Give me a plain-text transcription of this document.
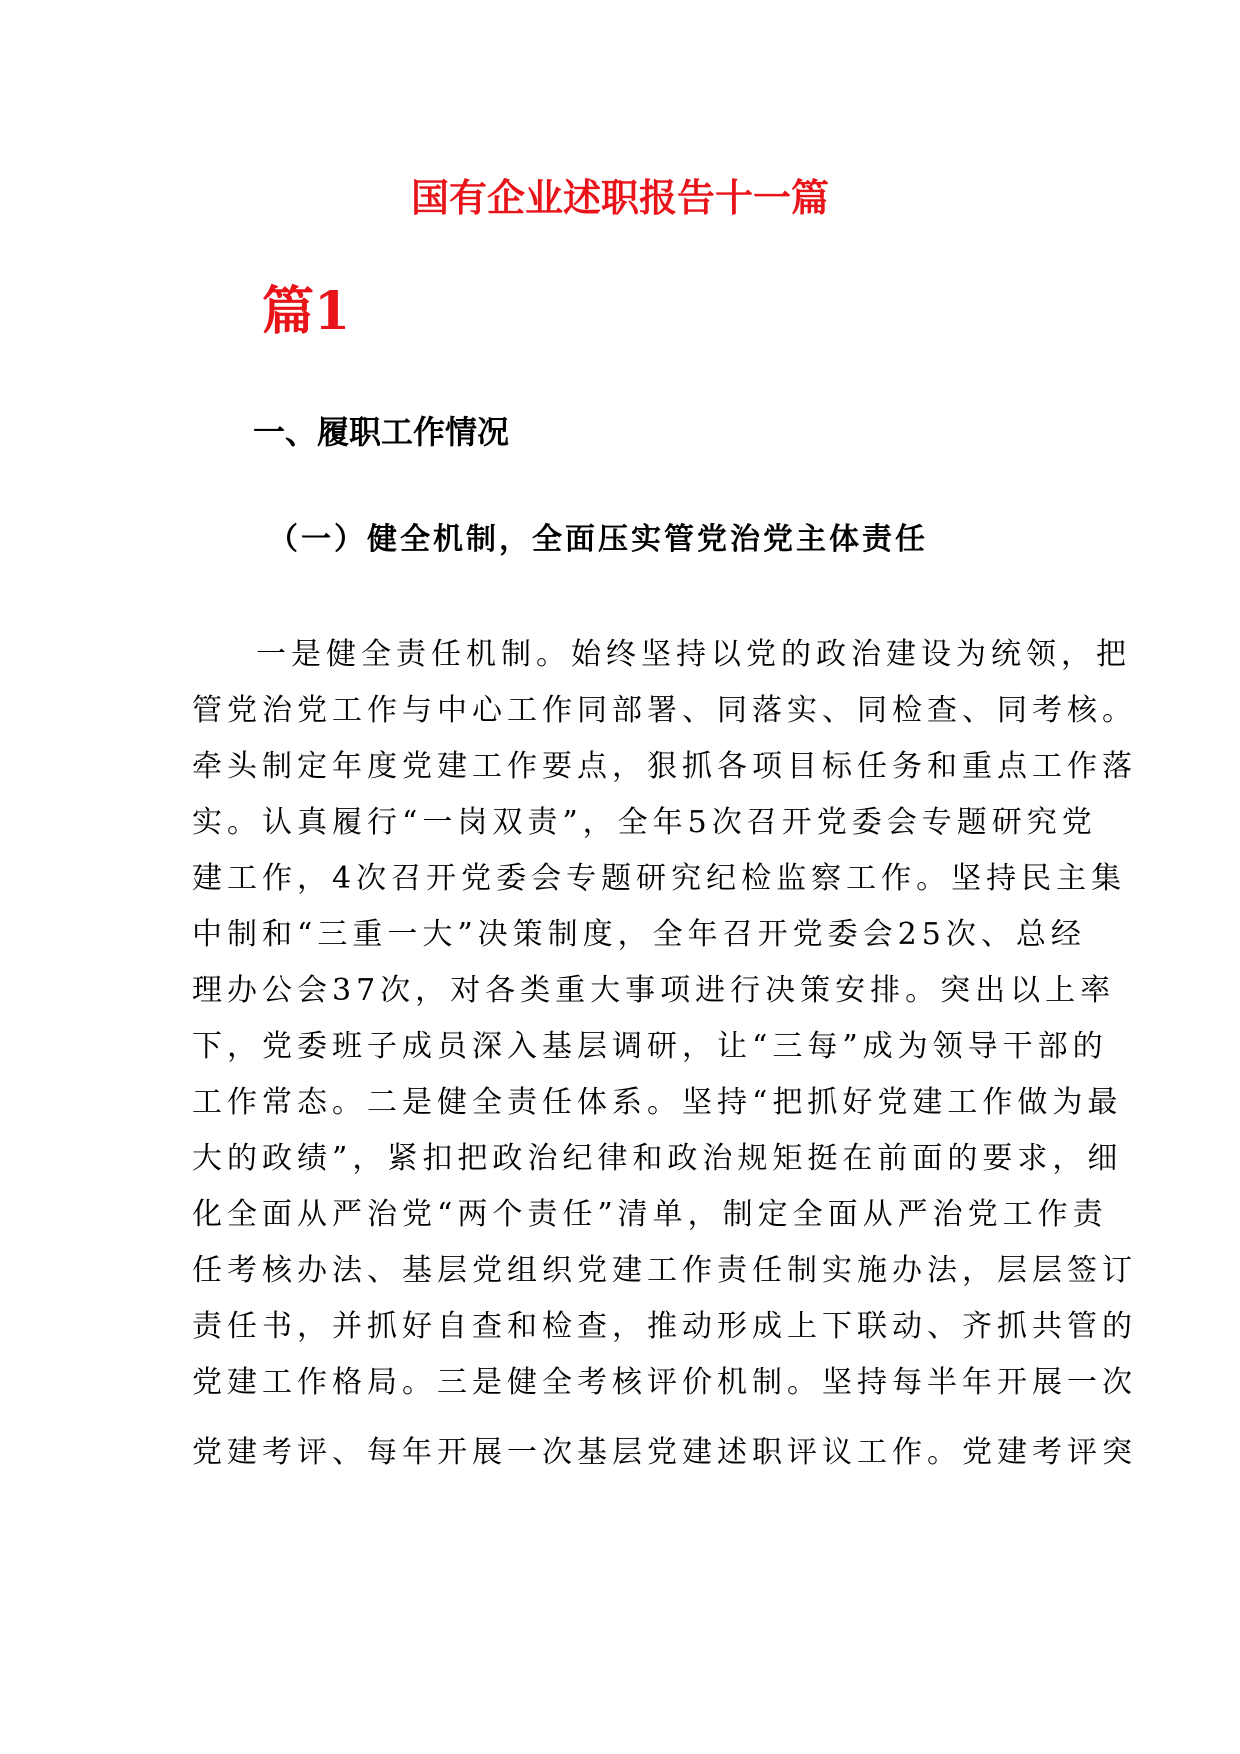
国有企业述职报告十一篇
篇1
一、履职工作情况
（一）健全机制，全面压实管党治党主体责任
一是健全责任机制。始终坚持以党的政治建设为统领，把
管党治党工作与中心工作同部署、同落实、同检查、同考核。
牵头制定年度党建工作要点，狠抓各项目标任务和重点工作落
实。认真履行“一岗双责”，全年5次召开党委会专题研究党
建工作，4次召开党委会专题研究纪检监察工作。坚持民主集
中制和“三重一大”决策制度，全年召开党委会25次、总经
理办公会37次，对各类重大事项进行决策安排。突出以上率
下，党委班子成员深入基层调研，让“三每”成为领导干部的
工作常态。二是健全责任体系。坚持“把抓好党建工作做为最
大的政绩”，紧扣把政治纪律和政治规矩挺在前面的要求，细
化全面从严治党“两个责任”清单，制定全面从严治党工作责
任考核办法、基层党组织党建工作责任制实施办法，层层签订
责任书，并抓好自查和检查，推动形成上下联动、齐抓共管的
党建工作格局。三是健全考核评价机制。坚持每半年开展一次
党建考评、每年开展一次基层党建述职评议工作。党建考评突
